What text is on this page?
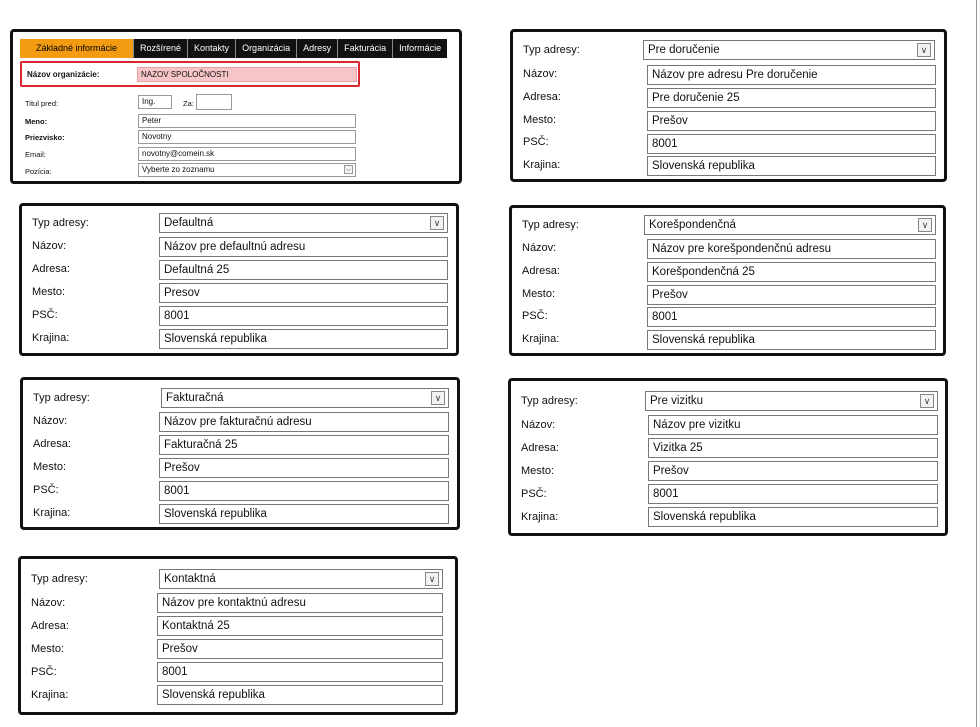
Základné informácie	Rozšírené	Kontakty	Organizácia	Adresy	Fakturácia	Informácie
Názov organizácie:	NAZOV SPOLOČNOSTI
Titul pred:	Ing.	Za:
Meno:	Peter
Priezvisko:	Novotny
Email:	novotny@comein.sk
Pozícia:	Vyberte zo zoznamu	⌵
Typ adresy:	Pre doručenie	∨
Názov:	Názov pre adresu Pre doručenie
Adresa:	Pre doručenie 25
Mesto:	Prešov
PSČ:	8001
Krajina:	Slovenská republika
Typ adresy:	Defaultná	∨
Názov:	Názov pre defaultnú adresu
Adresa:	Defaultná 25
Mesto:	Presov
PSČ:	8001
Krajina:	Slovenská republika
Typ adresy:	Korešpondenčná	∨
Názov:	Názov pre korešpondenčnú adresu
Adresa:	Korešpondenčná 25
Mesto:	Prešov
PSČ:	8001
Krajina:	Slovenská republika
Typ adresy:	Fakturačná	∨
Názov:	Názov pre fakturačnú adresu
Adresa:	Fakturačná 25
Mesto:	Prešov
PSČ:	8001
Krajina:	Slovenská republika
Typ adresy:	Pre vizitku	∨
Názov:	Názov pre vizitku
Adresa:	Vizitka 25
Mesto:	Prešov
PSČ:	8001
Krajina:	Slovenská republika
Typ adresy:	Kontaktná	∨
Názov:	Názov pre kontaktnú adresu
Adresa:	Kontaktná 25
Mesto:	Prešov
PSČ:	8001
Krajina:	Slovenská republika
